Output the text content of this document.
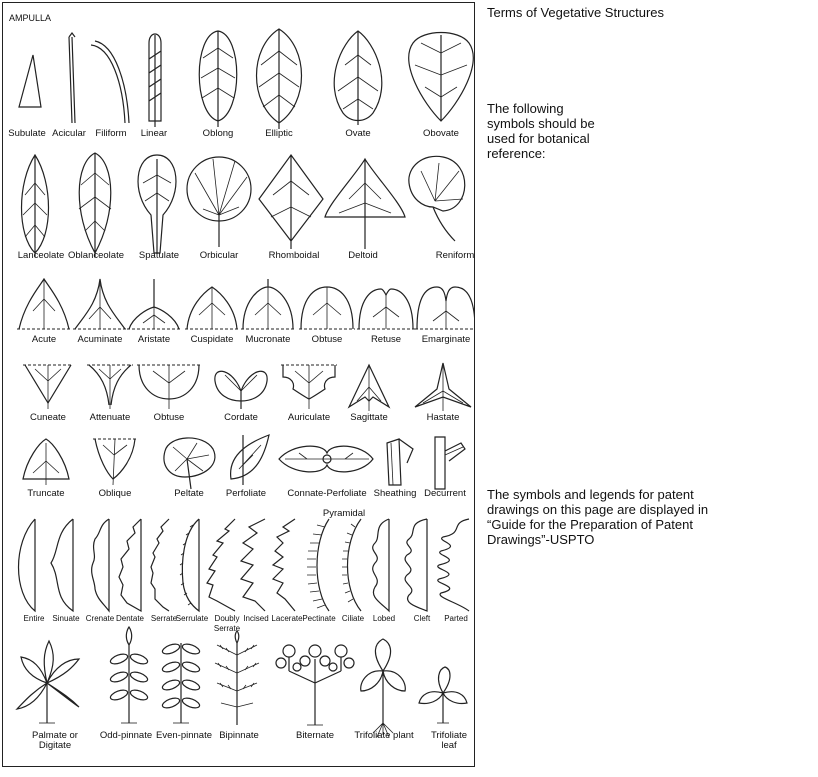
AMPULLA
Subulate Acicular Filiform Linear	Oblong	Elliptic	Ovate	Obovate
Lanceolate Oblanceolate Spatulate Orbicular	Rhomboidal	Deltoid	Reniform
Acute Acuminate Aristate Cuspidate Mucronate Obtuse	Retuse Emarginate
Cuneate Attenuate Obtuse	Cordate	Auriculate Sagittate	Hastate
Truncate	Oblique	Peltate Perfoliate Connate-Perfoliate Sheathing Decurrent
Entire Sinuate Crenate Dentate Serrate
Serrulate Doubly Serrate
Incised Lacerate Pectinate Ciliate Lobed Cleft Parted
Pyramidal
Palmate or Digitate
Odd-pinnate Even-pinnate Bipinnate	Biternate Trifoliate plant Trifoliate leaf
Terms of Vegetative Structures
The following symbols should be used for botanical reference:
The symbols and legends for patent drawings on this page are displayed in “Guide for the Preparation of Patent Drawings”-USPTO
